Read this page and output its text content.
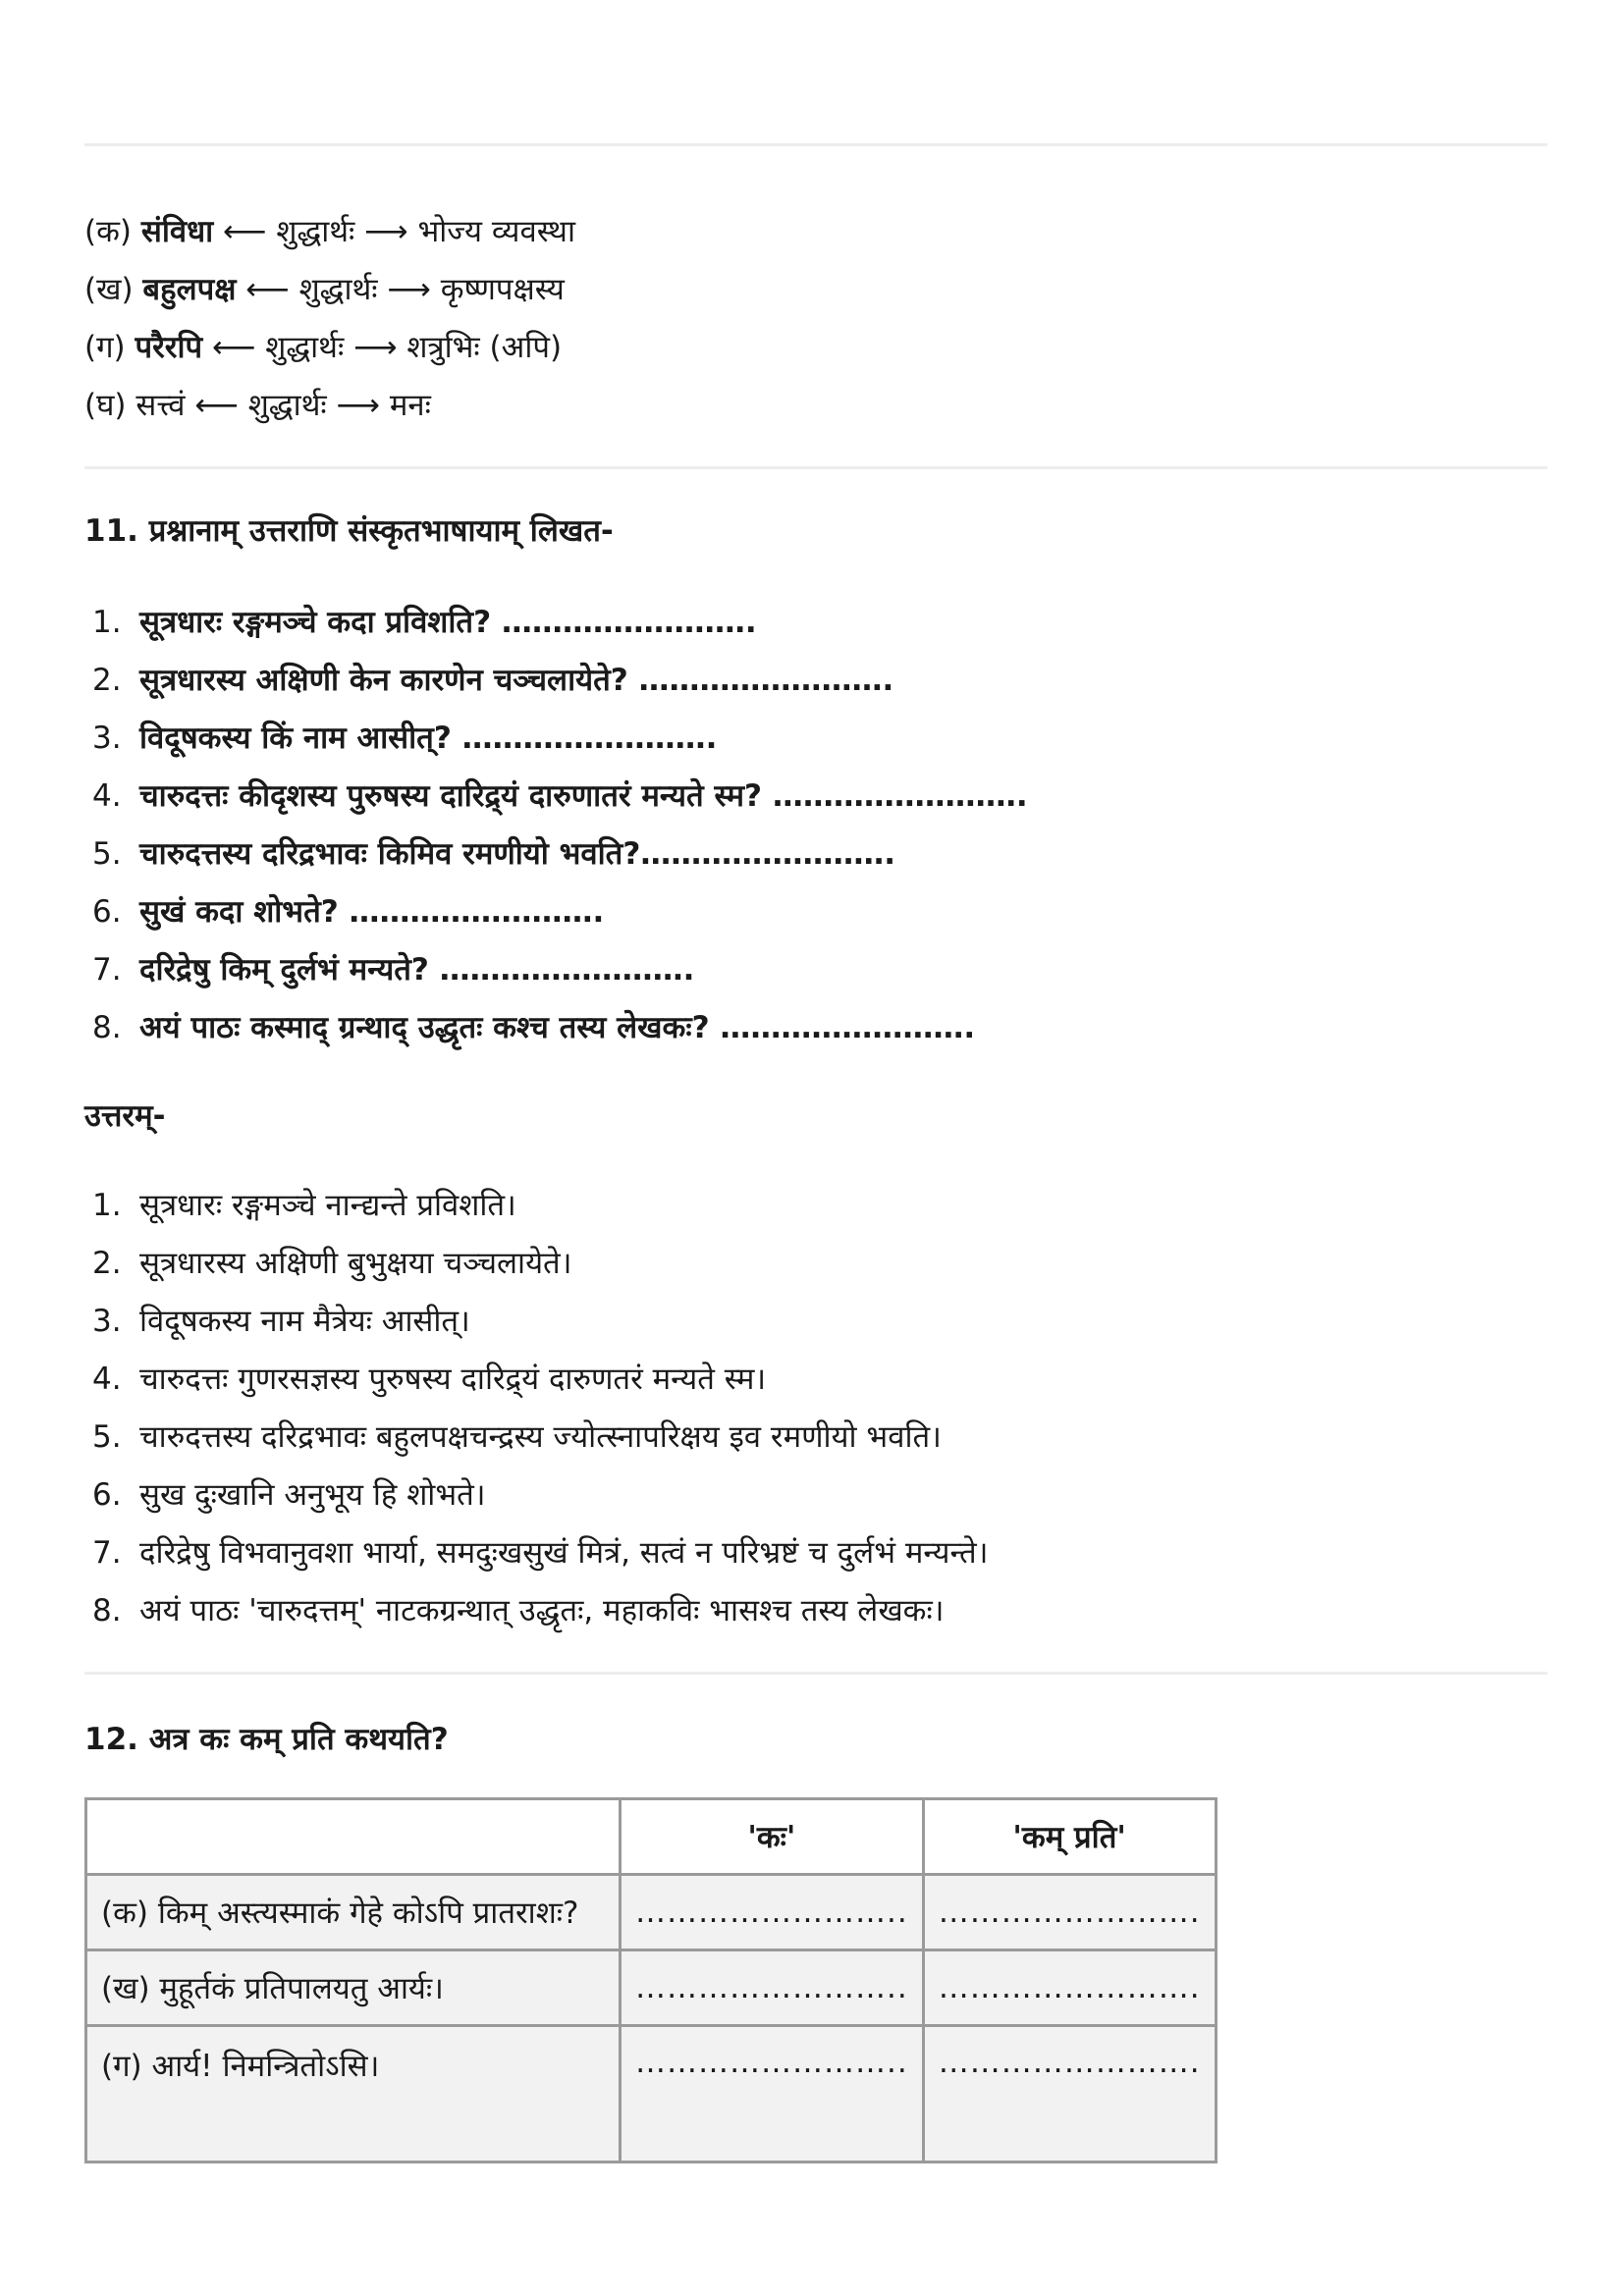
(क) संविधा ⟵ शुद्धार्थः ⟶ भोज्य व्यवस्था
(ख) बहुलपक्ष ⟵ शुद्धार्थः ⟶ कृष्णपक्षस्य
(ग) परैरपि ⟵ शुद्धार्थः ⟶ शत्रुभिः (अपि)
(घ) सत्त्वं ⟵ शुद्धार्थः ⟶ मनः
11. प्रश्नानाम् उत्तराणि संस्कृतभाषायाम् लिखत-
1. सूत्रधारः रङ्गमञ्चे कदा प्रविशति? …………………….
2. सूत्रधारस्य अक्षिणी केन कारणेन चञ्चलायेते? …………………….
3. विदूषकस्य किं नाम आसीत्? …………………….
4. चारुदत्तः कीदृशस्य पुरुषस्य दारिद्र्यं दारुणातरं मन्यते स्म? …………………….
5. चारुदत्तस्य दरिद्रभावः किमिव रमणीयो भवति?…………………….
6. सुखं कदा शोभते? …………………….
7. दरिद्रेषु किम् दुर्लभं मन्यते? …………………….
8. अयं पाठः कस्माद् ग्रन्थाद् उद्धृतः कश्च तस्य लेखकः? …………………….
उत्तरम्-
1. सूत्रधारः रङ्गमञ्चे नान्द्यन्ते प्रविशति।
2. सूत्रधारस्य अक्षिणी बुभुक्षया चञ्चलायेते।
3. विदूषकस्य नाम मैत्रेयः आसीत्।
4. चारुदत्तः गुणरसज्ञस्य पुरुषस्य दारिद्र्यं दारुणतरं मन्यते स्म।
5. चारुदत्तस्य दरिद्रभावः बहुलपक्षचन्द्रस्य ज्योत्स्नापरिक्षय इव रमणीयो भवति।
6. सुख दुःखानि अनुभूय हि शोभते।
7. दरिद्रेषु विभवानुवशा भार्या, समदुःखसुखं मित्रं, सत्वं न परिभ्रष्टं च दुर्लभं मन्यन्ते।
8. अयं पाठः 'चारुदत्तम्' नाटकग्रन्थात् उद्धृतः, महाकविः भासश्च तस्य लेखकः।
12. अत्र कः कम् प्रति कथयति?
	'कः'	'कम् प्रति'
(क) किम् अस्त्यस्माकं गेहे कोऽपि प्रातराशः?	……………………..	…………………….
(ख) मुहूर्तकं प्रतिपालयतु आर्यः।	……………………..	…………………….
(ग) आर्य! निमन्त्रितोऽसि।	……………………..	…………………….
